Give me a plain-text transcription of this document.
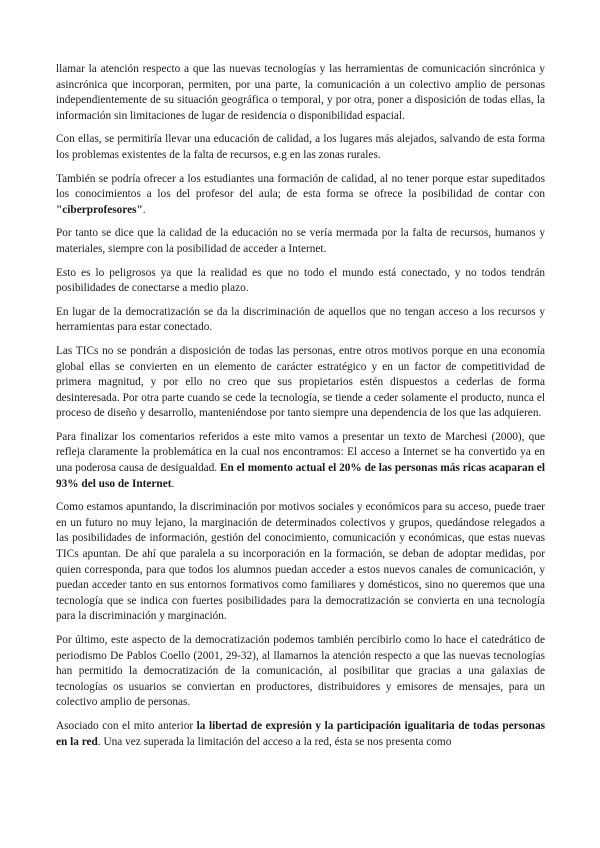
llamar la atención respecto a que las nuevas tecnologías y las herramientas de comunicación sincrónica y asincrónica que incorporan, permiten, por una parte, la comunicación a un colectivo amplio de personas independientemente de su situación geográfica o temporal, y por otra, poner a disposición de todas ellas, la información sin limitaciones de lugar de residencia o disponibilidad espacial.

Con ellas, se permitiría llevar una educación de calidad, a los lugares más alejados, salvando de esta forma los problemas existentes de la falta de recursos, e.g en las zonas rurales.

También se podría ofrecer a los estudiantes una formación de calidad, al no tener porque estar supeditados los conocimientos a los del profesor del aula; de esta forma se ofrece la posibilidad de contar con "ciberprofesores".

Por tanto se dice que la calidad de la educación no se vería mermada por la falta de recursos, humanos y materiales, siempre con la posibilidad de acceder a Internet.

Esto es lo peligrosos ya que la realidad es que no todo el mundo está conectado, y no todos tendrán posibilidades de conectarse a medio plazo.

En lugar de la democratización se da la discriminación de aquellos que no tengan acceso a los recursos y herramientas para estar conectado.

Las TICs no se pondrán a disposición de todas las personas, entre otros motivos porque en una economía global ellas se convierten en un elemento de carácter estratégico y en un factor de competitividad de primera magnitud, y por ello no creo que sus propietarios estén dispuestos a cederlas de forma desinteresada. Por otra parte cuando se cede la tecnología, se tiende a ceder solamente el producto, nunca el proceso de diseño y desarrollo, manteniéndose por tanto siempre una dependencia de los que las adquieren.

Para finalizar los comentarios referidos a este mito vamos a presentar un texto de Marchesi (2000), que refleja claramente la problemática en la cual nos encontramos: El acceso a Internet se ha convertido ya en una poderosa causa de desigualdad. En el momento actual el 20% de las personas más ricas acaparan el 93% del uso de Internet.

Como estamos apuntando, la discriminación por motivos sociales y económicos para su acceso, puede traer en un futuro no muy lejano, la marginación de determinados colectivos y grupos, quedándose relegados a las posibilidades de información, gestión del conocimiento, comunicación y económicas, que estas nuevas TICs apuntan. De ahí que paralela a su incorporación en la formación, se deban de adoptar medidas, por quien corresponda, para que todos los alumnos puedan acceder a estos nuevos canales de comunicación, y puedan acceder tanto en sus entornos formativos como familiares y domésticos, sino no queremos que una tecnología que se indica con fuertes posibilidades para la democratización se convierta en una tecnología para la discriminación y marginación.

Por último, este aspecto de la democratización podemos también percibirlo como lo hace el catedrático de periodismo De Pablos Coello (2001, 29-32), al llamarnos la atención respecto a que las nuevas tecnologías han permitido la democratización de la comunicación, al posibilitar que gracias a una galaxias de tecnologías os usuarios se conviertan en productores, distribuidores y emisores de mensajes, para un colectivo amplio de personas.

Asociado con el mito anterior la libertad de expresión y la participación igualitaria de todas personas en la red. Una vez superada la limitación del acceso a la red, ésta se nos presenta como
